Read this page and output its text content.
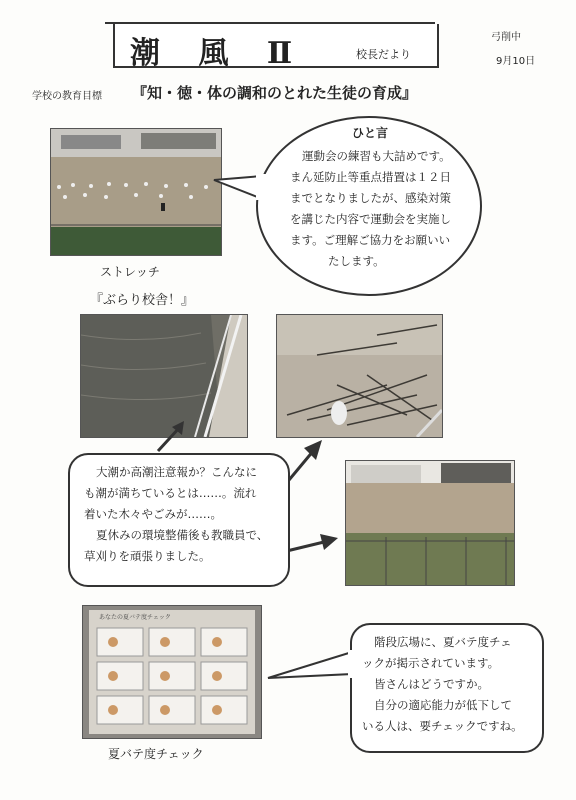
潮 風 Ⅱ	校長だより
弓削中
9月10日
学校の教育目標 『知・徳・体の調和のとれた生徒の育成』
ストレッチ
『ぶらり校舎！』
ひと言
運動会の練習も大詰めです。
まん延防止等重点措置は１２日
までとなりましたが、感染対策
を講じた内容で運動会を実施し
ます。ご理解ご協力をお願いい
たします。
大潮か高潮注意報か？こんなに
も潮が満ちているとは……。流れ
着いた木々やごみが……。
夏休みの環境整備後も教職員で、
草刈りを頑張りました。
あなたの夏バテ度チェック
夏バテ度チェック
階段広場に、夏バテ度チェ
ックが掲示されています。
皆さんはどうですか。
自分の適応能力が低下して
いる人は、要チェックですね。
